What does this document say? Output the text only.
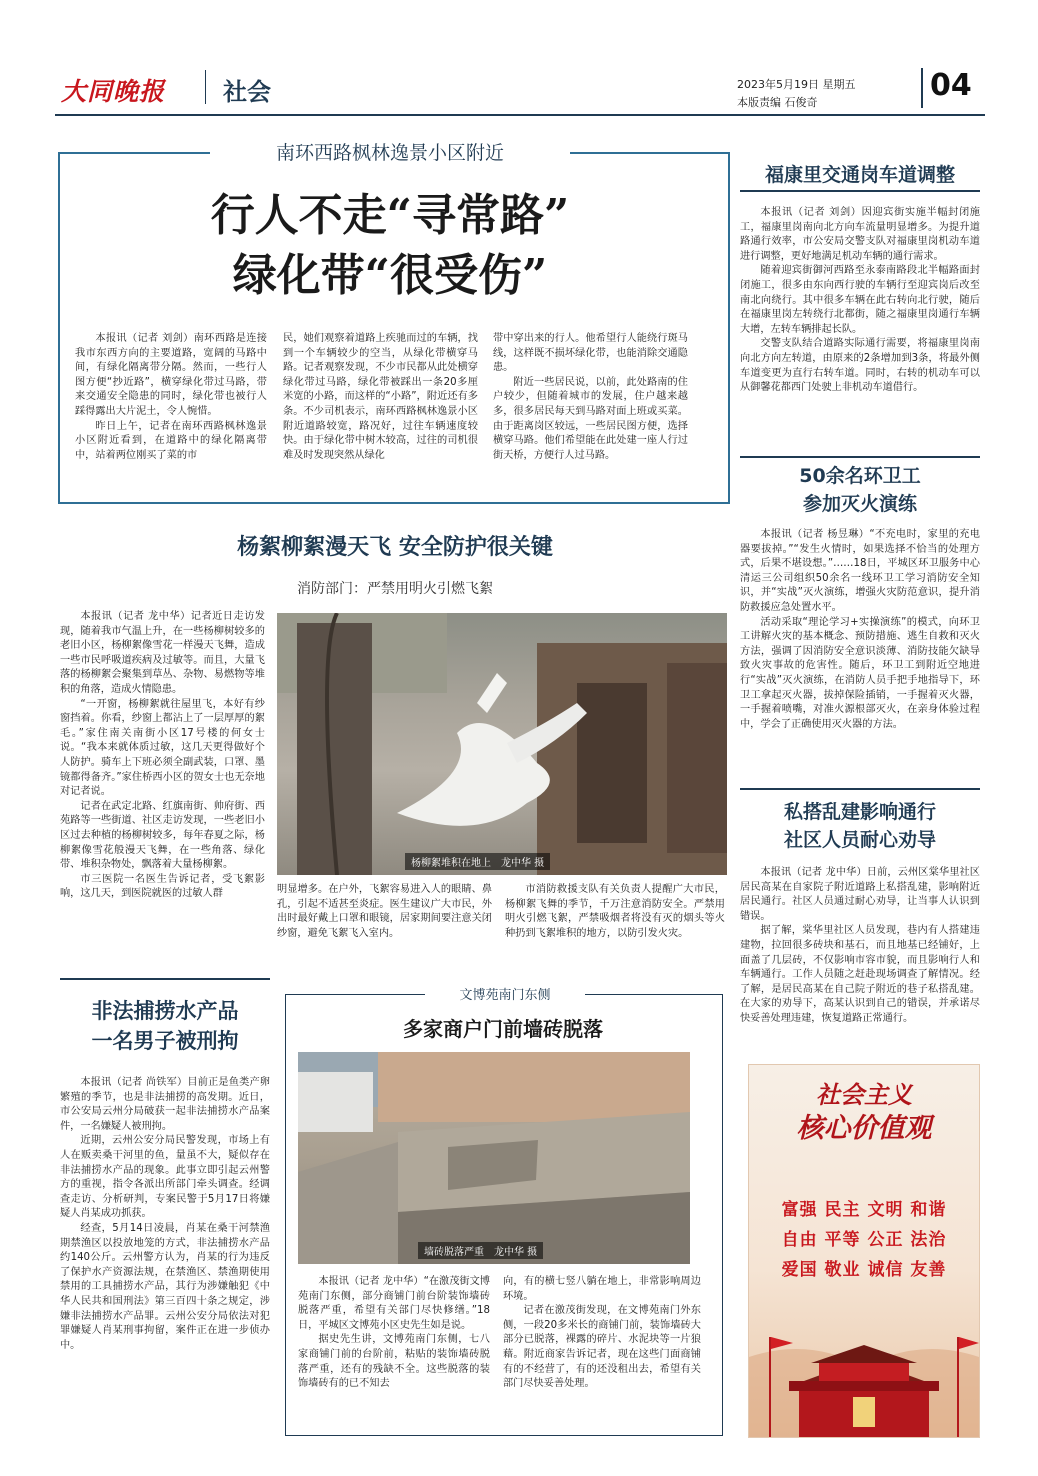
大同晚报 社会	2023年5月19日 星期五
本版责编 石俊奇	04
南环西路枫林逸景小区附近
行人不走“寻常路”
绿化带“很受伤”

本报讯（记者 刘剑）南环西路是连接我市东西方向的主要道路，宽阔的马路中间，有绿化隔离带分隔。然而，一些行人图方便“抄近路”，横穿绿化带过马路，带来交通安全隐患的同时，绿化带也被行人踩得露出大片泥土，令人惋惜。

昨日上午，记者在南环西路枫林逸景小区附近看到，在道路中的绿化隔离带中，站着两位刚买了菜的市

民，她们观察着道路上疾驰而过的车辆，找到一个车辆较少的空当，从绿化带横穿马路。记者观察发现，不少市民都从此处横穿绿化带过马路，绿化带被踩出一条20多厘米宽的小路，而这样的“小路”，附近还有多条。不少司机表示，南环西路枫林逸景小区附近道路较宽，路况好，过往车辆速度较快。由于绿化带中树木较高，过往的司机很难及时发现突然从绿化

带中穿出来的行人。他希望行人能绕行斑马线，这样既不损坏绿化带，也能消除交通隐患。

附近一些居民说，以前，此处路南的住户较少，但随着城市的发展，住户越来越多，很多居民每天到马路对面上班或买菜。由于距离岗区较远，一些居民图方便，选择横穿马路。他们希望能在此处建一座人行过街天桥，方便行人过马路。

杨絮柳絮漫天飞 安全防护很关键
消防部门：严禁用明火引燃飞絮
杨柳絮堆积在地上　龙中华 摄

本报讯（记者 龙中华）记者近日走访发现，随着我市气温上升，在一些杨柳树较多的老旧小区，杨柳絮像雪花一样漫天飞舞，造成一些市民呼吸道疾病及过敏等。而且，大量飞落的杨柳絮会聚集到草丛、杂物、易燃物等堆积的角落，造成火情隐患。

“一开窗，杨柳絮就往屋里飞，本好有纱窗挡着。你看，纱窗上都沾上了一层厚厚的絮毛。”家住南关南街小区17号楼的何女士说。“我本来就体质过敏，这几天更得做好个人防护。骑车上下班必须全副武装，口罩、墨镜都得备齐。”家住桥西小区的贺女士也无奈地对记者说。

记者在武定北路、红旗南街、帅府街、西苑路等一些街道、社区走访发现，一些老旧小区过去种植的杨柳树较多，每年春夏之际，杨柳絮像雪花般漫天飞舞，在一些角落、绿化带、堆积杂物处，飘落着大量杨柳絮。

市三医院一名医生告诉记者，受飞絮影响，这几天，到医院就医的过敏人群	明显增多。在户外，飞絮容易进入人的眼睛、鼻孔，引起不适甚至炎症。医生建议广大市民，外出时最好戴上口罩和眼镜，居家期间要注意关闭纱窗，避免飞絮飞入室内。

市消防救援支队有关负责人提醒广大市民，杨柳絮飞舞的季节，千万注意消防安全。严禁用明火引燃飞絮，严禁吸烟者将没有灭的烟头等火种扔到飞絮堆积的地方，以防引发火灾。

非法捕捞水产品
一名男子被刑拘

本报讯（记者 尚铁军）目前正是鱼类产卵繁殖的季节，也是非法捕捞的高发期。近日，市公安局云州分局破获一起非法捕捞水产品案件，一名嫌疑人被刑拘。

近期，云州公安分局民警发现，市场上有人在贩卖桑干河里的鱼，量虽不大，疑似存在非法捕捞水产品的现象。此事立即引起云州警方的重视，指令各派出所部门牵头调查。经调查走访、分析研判，专案民警于5月17日将嫌疑人肖某成功抓获。

经查，5月14日凌晨，肖某在桑干河禁渔期禁渔区以投放地笼的方式，非法捕捞水产品约140公斤。云州警方认为，肖某的行为违反了保护水产资源法规，在禁渔区、禁渔期使用禁用的工具捕捞水产品，其行为涉嫌触犯《中华人民共和国刑法》第三百四十条之规定，涉嫌非法捕捞水产品罪。云州公安分局依法对犯罪嫌疑人肖某刑事拘留，案件正在进一步侦办中。

文博苑南门东侧
多家商户门前墙砖脱落
墙砖脱落严重　龙中华 摄

本报讯（记者 龙中华）“在激茂街文博苑南门东侧，部分商铺门前台阶装饰墙砖脱落严重，希望有关部门尽快修缮。”18日，平城区文博苑小区史先生如是说。

据史先生讲，文博苑南门东侧，七八家商铺门前的台阶前，粘贴的装饰墙砖脱落严重，还有的残缺不全。这些脱落的装饰墙砖有的已不知去

向，有的横七竖八躺在地上，非常影响周边环境。

记者在激茂街发现，在文博苑南门外东侧，一段20多米长的商铺门前，装饰墙砖大部分已脱落，裸露的碎片、水泥块等一片狼藉。附近商家告诉记者，现在这些门面商铺有的不经营了，有的还没租出去，希望有关部门尽快妥善处理。

福康里交通岗车道调整

本报讯（记者 刘剑）因迎宾街实施半幅封闭施工，福康里岗南向北方向车流量明显增多。为提升道路通行效率，市公安局交警支队对福康里岗机动车道进行调整，更好地满足机动车辆的通行需求。

随着迎宾街御河西路至永泰南路段北半幅路面封闭施工，很多由东向西行驶的车辆行至迎宾岗后改至南北向绕行。其中很多车辆在此右转向北行驶，随后在福康里岗左转绕行北都街，随之福康里岗通行车辆大增，左转车辆排起长队。

交警支队结合道路实际通行需要，将福康里岗南向北方向左转道，由原来的2条增加到3条，将最外侧车道变更为直行右转车道。同时，右转的机动车可以从御馨花都西门处驶上非机动车道借行。

50余名环卫工
参加灭火演练

本报讯（记者 杨昱琳）“不充电时，家里的充电器要拔掉。”“发生火情时，如果选择不恰当的处理方式，后果不堪设想。”……18日，平城区环卫服务中心清运三公司组织50余名一线环卫工学习消防安全知识，并“实战”灭火演练，增强火灾防范意识，提升消防救援应急处置水平。

活动采取“理论学习+实操演练”的模式，向环卫工讲解火灾的基本概念、预防措施、逃生自救和灭火方法，强调了因消防安全意识淡薄、消防技能欠缺导致火灾事故的危害性。随后，环卫工到附近空地进行“实战”灭火演练，在消防人员手把手地指导下，环卫工拿起灭火器，拔掉保险插销，一手握着灭火器，一手握着喷嘴，对准火源根部灭火，在亲身体验过程中，学会了正确使用灭火器的方法。

私搭乱建影响通行
社区人员耐心劝导

本报讯（记者 龙中华）日前，云州区棠华里社区居民高某在自家院子附近道路上私搭乱建，影响附近居民通行。社区人员通过耐心劝导，让当事人认识到错误。

据了解，棠华里社区人员发现，巷内有人搭建违建物，拉回很多砖块和基石，而且地基已经铺好，上面盖了几层砖，不仅影响市容市貌，而且影响行人和车辆通行。工作人员随之赶赴现场调查了解情况。经了解，是居民高某在自己院子附近的巷子私搭乱建。在大家的劝导下，高某认识到自己的错误，并承诺尽快妥善处理违建，恢复道路正常通行。

社会主义
核心价值观
富强 民主 文明 和谐
自由 平等 公正 法治
爱国 敬业 诚信 友善
